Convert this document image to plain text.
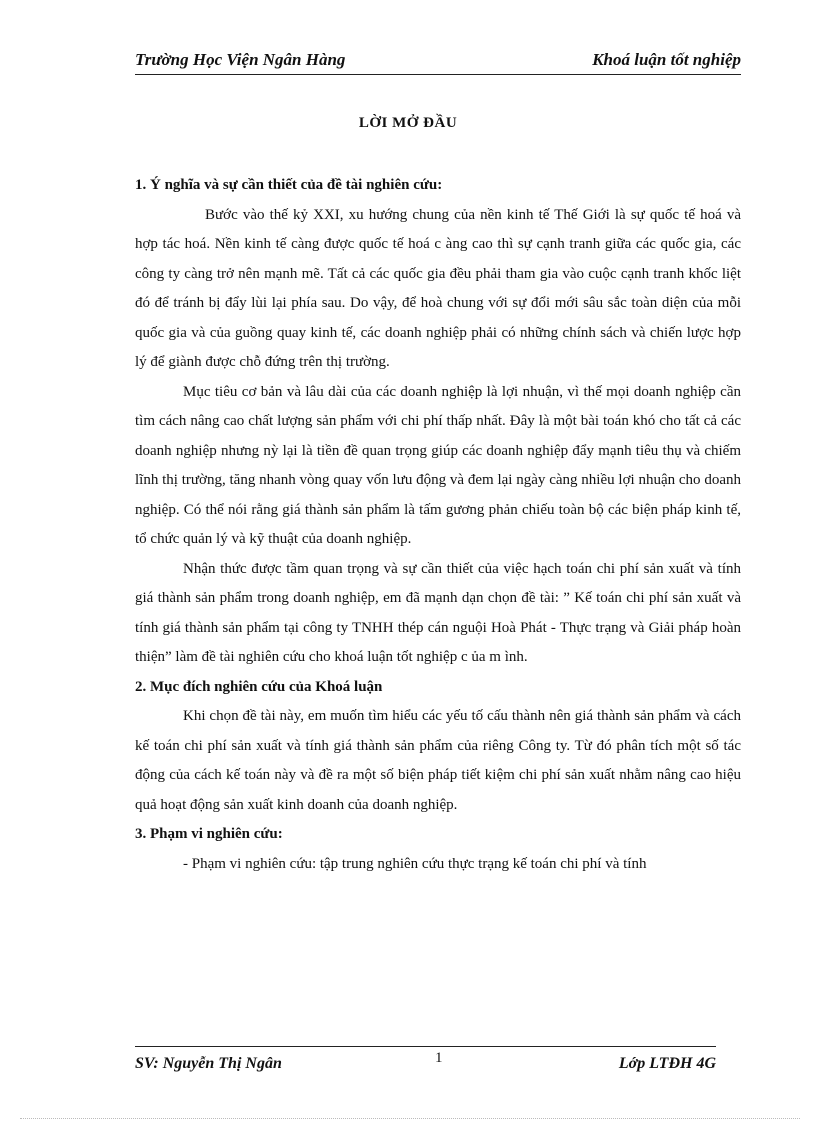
Trường Học Viện Ngân Hàng	Khoá luận tốt nghiệp
LỜI MỞ ĐẦU

1. Ý nghĩa và sự cần thiết của đề tài nghiên cứu:

Bước vào thế kỷ XXI, xu hướng chung của nền kinh tế Thế Giới là sự quốc tế hoá và hợp tác hoá. Nền kinh tế càng được quốc tế hoá c àng cao thì sự cạnh tranh giữa các quốc gia, các công ty càng trở nên mạnh mẽ. Tất cả các quốc gia đều phải tham gia vào cuộc cạnh tranh khốc liệt đó để tránh bị đẩy lùi lại phía sau. Do vậy, để hoà chung với sự đổi mới sâu sắc toàn diện của mỗi quốc gia và của guồng quay kinh tế, các doanh nghiệp phải có những chính sách và chiến lược hợp lý để giành được chỗ đứng trên thị trường.

Mục tiêu cơ bản và lâu dài của các doanh nghiệp là lợi nhuận, vì thế mọi doanh nghiệp cần tìm cách nâng cao chất lượng sản phẩm với chi phí thấp nhất. Đây là một bài toán khó cho tất cả các doanh nghiệp nhưng nỳ lại là tiền đề quan trọng giúp các doanh nghiệp đẩy mạnh tiêu thụ và chiếm lĩnh thị trường, tăng nhanh vòng quay vốn lưu động và đem lại ngày càng nhiều lợi nhuận cho doanh nghiệp. Có thể nói rằng giá thành sản phẩm là tấm gương phản chiếu toàn bộ các biện pháp kinh tế, tổ chức quản lý và kỹ thuật của doanh nghiệp.

Nhận thức được tầm quan trọng và sự cần thiết của việc hạch toán chi phí sản xuất và tính giá thành sản phẩm trong doanh nghiệp, em đã mạnh dạn chọn đề tài: ” Kế toán chi phí sản xuất và tính giá thành sản phẩm tại công ty TNHH thép cán nguội Hoà Phát - Thực trạng và Giải pháp hoàn thiện” làm đề tài nghiên cứu cho khoá luận tốt nghiệp c ủa m ình.

2. Mục đích nghiên cứu của Khoá luận

Khi chọn đề tài này, em muốn tìm hiểu các yếu tố cấu thành nên giá thành sản phẩm và cách kế toán chi phí sản xuất và tính giá thành sản phẩm của riêng Công ty. Từ đó phân tích một số tác động của cách kế toán này và đề ra một số biện pháp tiết kiệm chi phí sản xuất nhằm nâng cao hiệu quả hoạt động sản xuất kinh doanh của doanh nghiệp.

3. Phạm vi nghiên cứu:

- Phạm vi nghiên cứu: tập trung nghiên cứu thực trạng kế toán chi phí và tính

SV: Nguyễn Thị Ngân	1	Lớp LTĐH 4G
